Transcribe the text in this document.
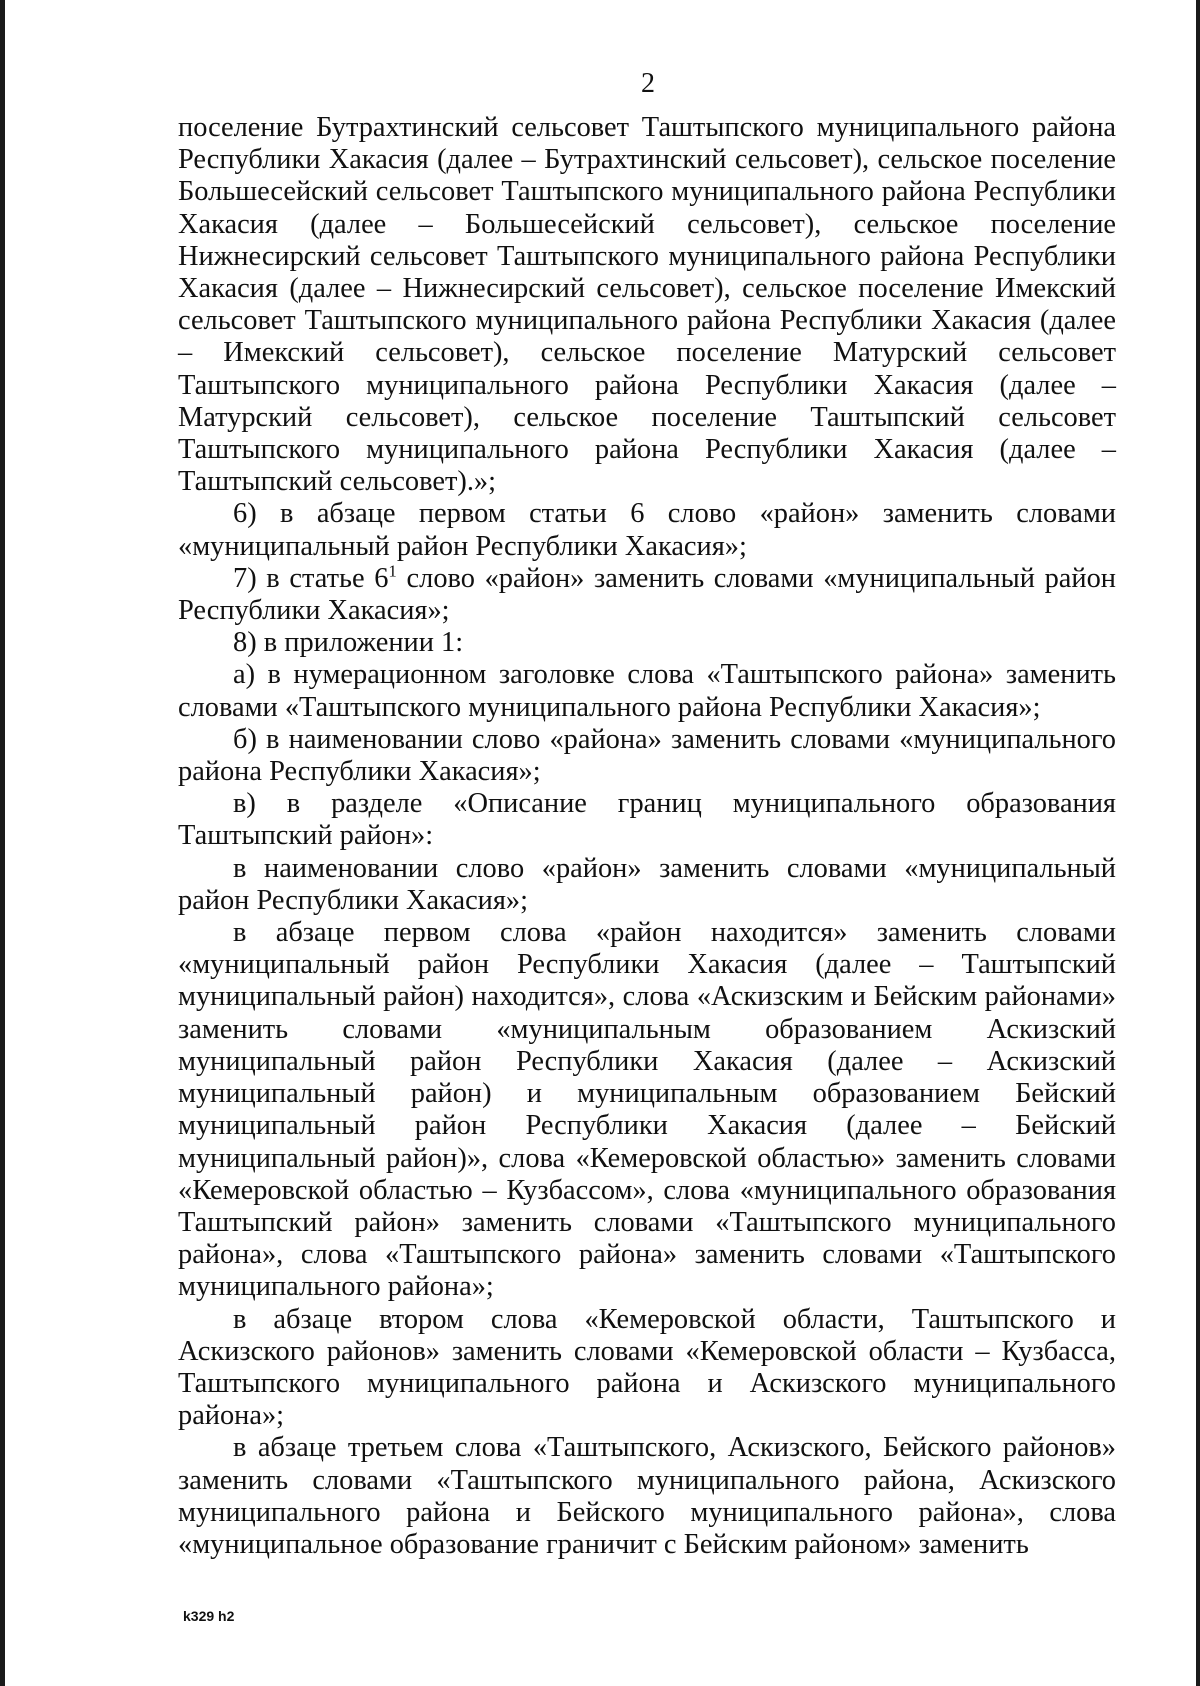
2

поселение Бутрахтинский сельсовет Таштыпского муниципального района Республики Хакасия (далее – Бутрахтинский сельсовет), сельское поселение Большесейский сельсовет Таштыпского муниципального района Республики Хакасия (далее – Большесейский сельсовет), сельское поселение Нижнесирский сельсовет Таштыпского муниципального района Республики Хакасия (далее – Нижнесирский сельсовет), сельское поселение Имекский сельсовет Таштыпского муниципального района Республики Хакасия (далее – Имекский сельсовет), сельское поселение Матурский сельсовет Таштыпского муниципального района Республики Хакасия (далее – Матурский сельсовет), сельское поселение Таштыпский сельсовет Таштыпского муниципального района Республики Хакасия (далее – Таштыпский сельсовет).»;

6) в абзаце первом статьи 6 слово «район» заменить словами «муниципальный район Республики Хакасия»;

7) в статье $6^1$ слово «район» заменить словами «муниципальный район Республики Хакасия»;

8) в приложении 1:

а) в нумерационном заголовке слова «Таштыпского района» заменить словами «Таштыпского муниципального района Республики Хакасия»;

б) в наименовании слово «района» заменить словами «муниципального района Республики Хакасия»;

в) в разделе «Описание границ муниципального образования Таштыпский район»:

в наименовании слово «район» заменить словами «муниципальный район Республики Хакасия»;

в абзаце первом слова «район находится» заменить словами «муниципальный район Республики Хакасия (далее – Таштыпский муниципальный район) находится», слова «Аскизским и Бейским районами» заменить словами «муниципальным образованием Аскизский муниципальный район Республики Хакасия (далее – Аскизский муниципальный район) и муниципальным образованием Бейский муниципальный район Республики Хакасия (далее – Бейский муниципальный район)», слова «Кемеровской областью» заменить словами «Кемеровской областью – Кузбассом», слова «муниципального образования Таштыпский район» заменить словами «Таштыпского муниципального района», слова «Таштыпского района» заменить словами «Таштыпского муниципального района»;

в абзаце втором слова «Кемеровской области, Таштыпского и Аскизского районов» заменить словами «Кемеровской области – Кузбасса, Таштыпского муниципального района и Аскизского муниципального района»;

в абзаце третьем слова «Таштыпского, Аскизского, Бейского районов» заменить словами «Таштыпского муниципального района, Аскизского муниципального района и Бейского муниципального района», слова «муниципальное образование граничит с Бейским районом» заменить

k329 h2
